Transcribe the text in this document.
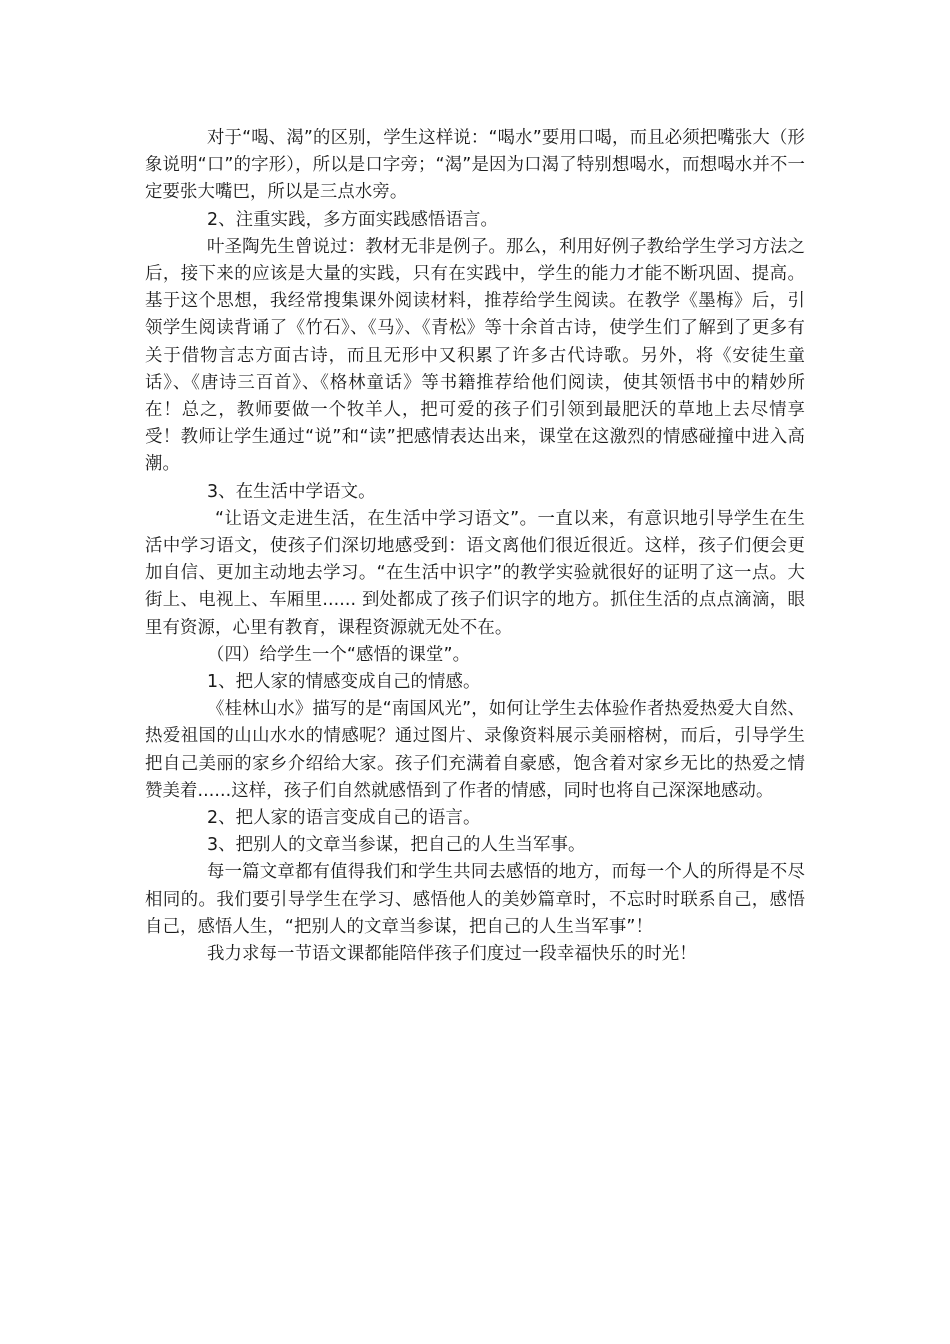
对于“喝、渴”的区别，学生这样说：“喝水”要用口喝，而且必须把嘴张大（形象说明“口”的字形），所以是口字旁；“渴”是因为口渴了特别想喝水，而想喝水并不一定要张大嘴巴，所以是三点水旁。

2、注重实践，多方面实践感悟语言。

叶圣陶先生曾说过：教材无非是例子。那么，利用好例子教给学生学习方法之后，接下来的应该是大量的实践，只有在实践中，学生的能力才能不断巩固、提高。基于这个思想，我经常搜集课外阅读材料，推荐给学生阅读。在教学《墨梅》后，引领学生阅读背诵了《竹石》、《马》、《青松》等十余首古诗，使学生们了解到了更多有关于借物言志方面古诗，而且无形中又积累了许多古代诗歌。另外，将《安徒生童话》、《唐诗三百首》、《格林童话》等书籍推荐给他们阅读，使其领悟书中的精妙所在！总之，教师要做一个牧羊人，把可爱的孩子们引领到最肥沃的草地上去尽情享受！教师让学生通过“说”和“读”把感情表达出来，课堂在这激烈的情感碰撞中进入高潮。

3、在生活中学语文。

“让语文走进生活，在生活中学习语文”。一直以来，有意识地引导学生在生活中学习语文，使孩子们深切地感受到：语文离他们很近很近。这样，孩子们便会更加自信、更加主动地去学习。“在生活中识字”的教学实验就很好的证明了这一点。大街上、电视上、车厢里...... 到处都成了孩子们识字的地方。抓住生活的点点滴滴，眼里有资源，心里有教育，课程资源就无处不在。

（四）给学生一个“感悟的课堂”。

1、把人家的情感变成自己的情感。

《桂林山水》描写的是“南国风光”，如何让学生去体验作者热爱热爱大自然、热爱祖国的山山水水的情感呢？通过图片、录像资料展示美丽榕树，而后，引导学生把自己美丽的家乡介绍给大家。孩子们充满着自豪感，饱含着对家乡无比的热爱之情赞美着......这样，孩子们自然就感悟到了作者的情感，同时也将自己深深地感动。

2、把人家的语言变成自己的语言。

3、把别人的文章当参谋，把自己的人生当军事。

每一篇文章都有值得我们和学生共同去感悟的地方，而每一个人的所得是不尽相同的。我们要引导学生在学习、感悟他人的美妙篇章时，不忘时时联系自己，感悟自己，感悟人生，“把别人的文章当参谋，把自己的人生当军事”！

我力求每一节语文课都能陪伴孩子们度过一段幸福快乐的时光！
